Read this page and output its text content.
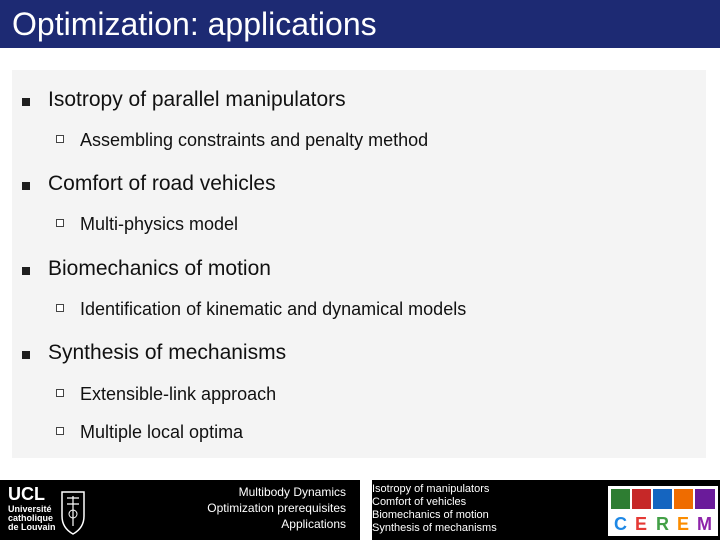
Optimization: applications
Isotropy of parallel manipulators
Assembling constraints and penalty method
Comfort of road vehicles
Multi-physics model
Biomechanics of motion
Identification of kinematic and dynamical models
Synthesis of mechanisms
Extensible-link approach
Multiple local optima
UCL
Université
catholique
de Louvain
Multibody Dynamics
Optimization prerequisites
Applications
Isotropy of manipulators
Comfort of vehicles
Biomechanics of motion
Synthesis of mechanisms	C E R E M
